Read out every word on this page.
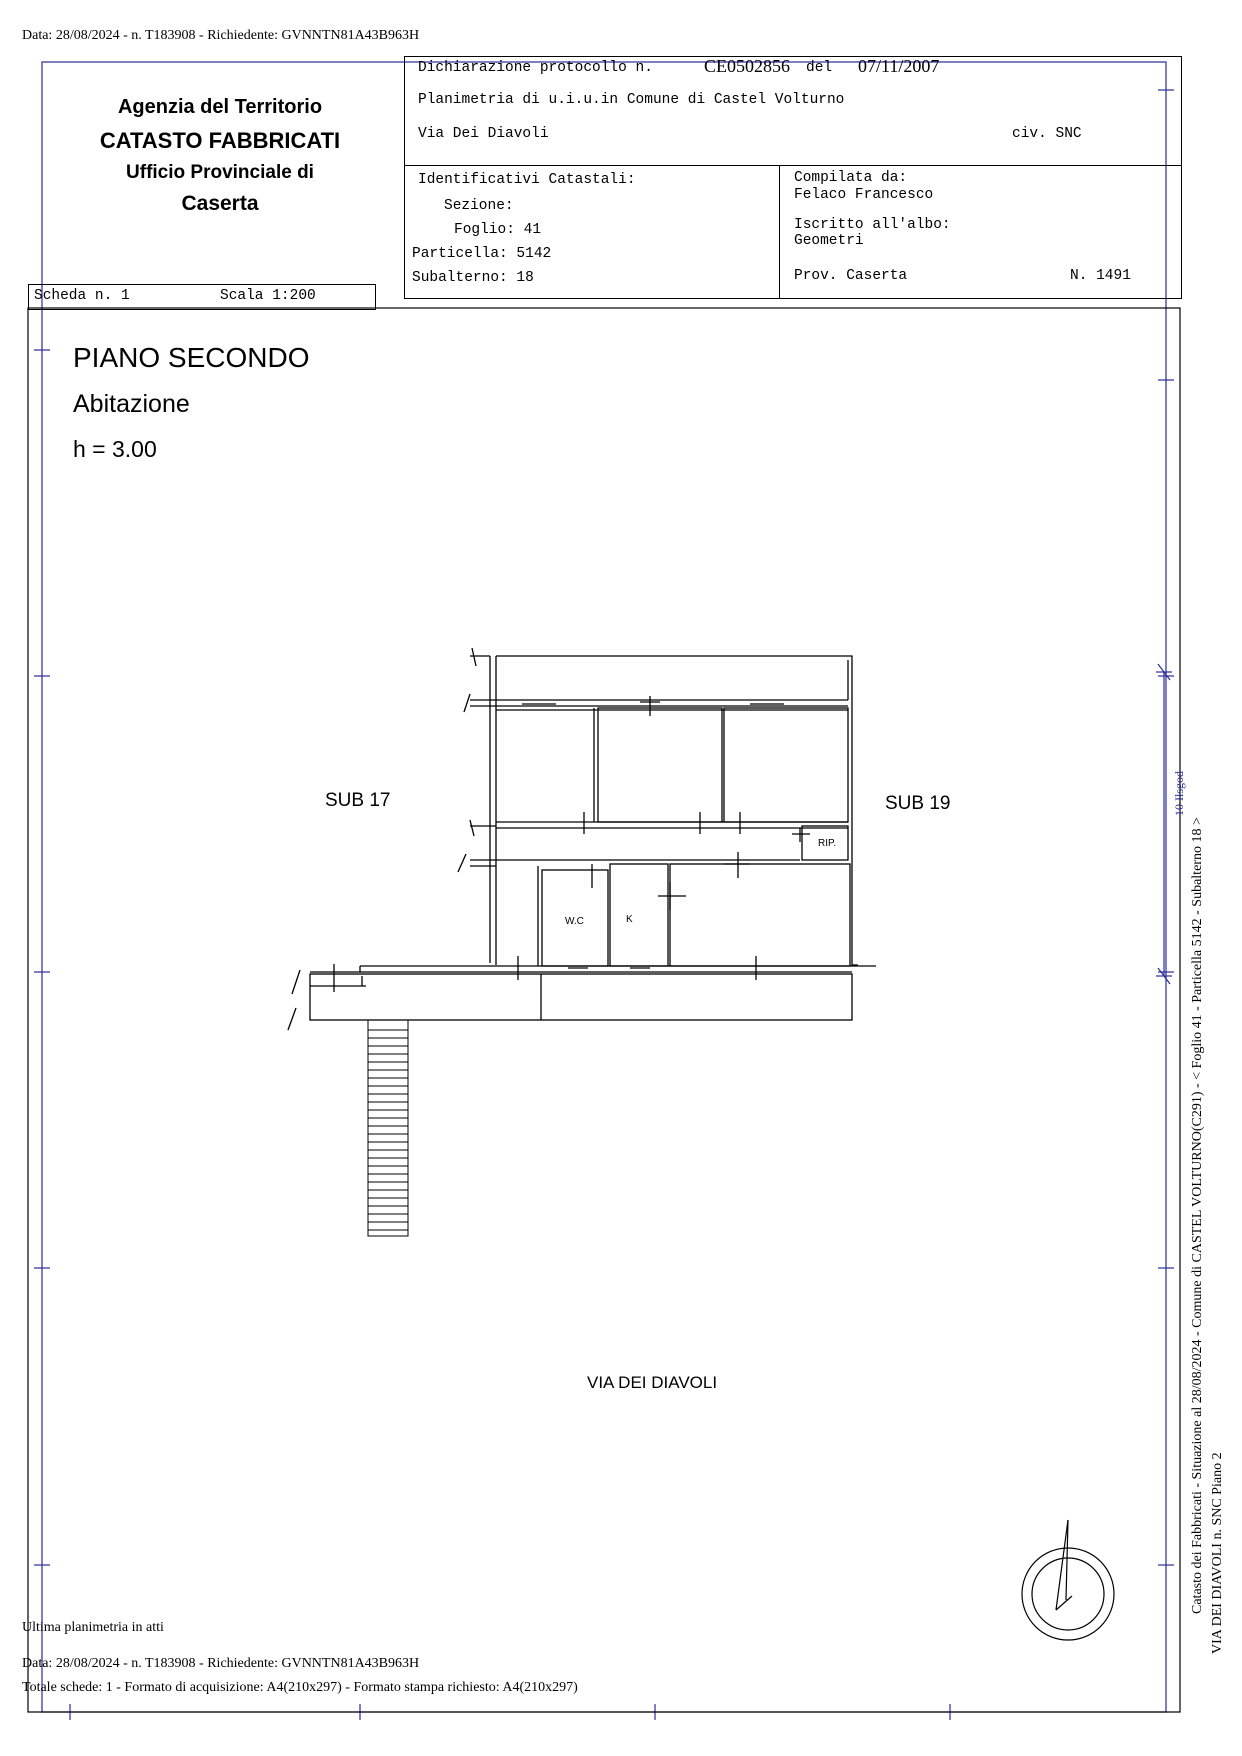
Data: 28/08/2024 - n. T183908 - Richiedente: GVNNTN81A43B963H
Agenzia del Territorio
CATASTO FABBRICATI
Ufficio Provinciale di
Caserta
Dichiarazione protocollo n.	CE0502856 del 07/11/2007
Planimetria di u.i.u.in Comune di Castel Volturno
Via Dei Diavoli	civ. SNC
Identificativi Catastali:
Sezione:
Foglio: 41
Particella: 5142
Subalterno: 18
Compilata da:
Felaco Francesco
Iscritto all'albo:
Geometri
Prov. Caserta	N. 1491
Scheda n. 1	Scala 1:200
PIANO SECONDO
Abitazione
h = 3.00
SUB 17	SUB 19
RIP.
W.C	K
VIA DEI DIAVOLI
10 Ilsgod
Ultima planimetria in atti
Data: 28/08/2024 - n. T183908 - Richiedente: GVNNTN81A43B963H
Totale schede: 1 - Formato di acquisizione: A4(210x297) - Formato stampa richiesto: A4(210x297)
Catasto dei Fabbricati - Situazione al 28/08/2024 - Comune di CASTEL VOLTURNO(C291) - < Foglio 41 - Particella 5142 - Subalterno 18 > VIA DEI DIAVOLI n. SNC Piano 2
